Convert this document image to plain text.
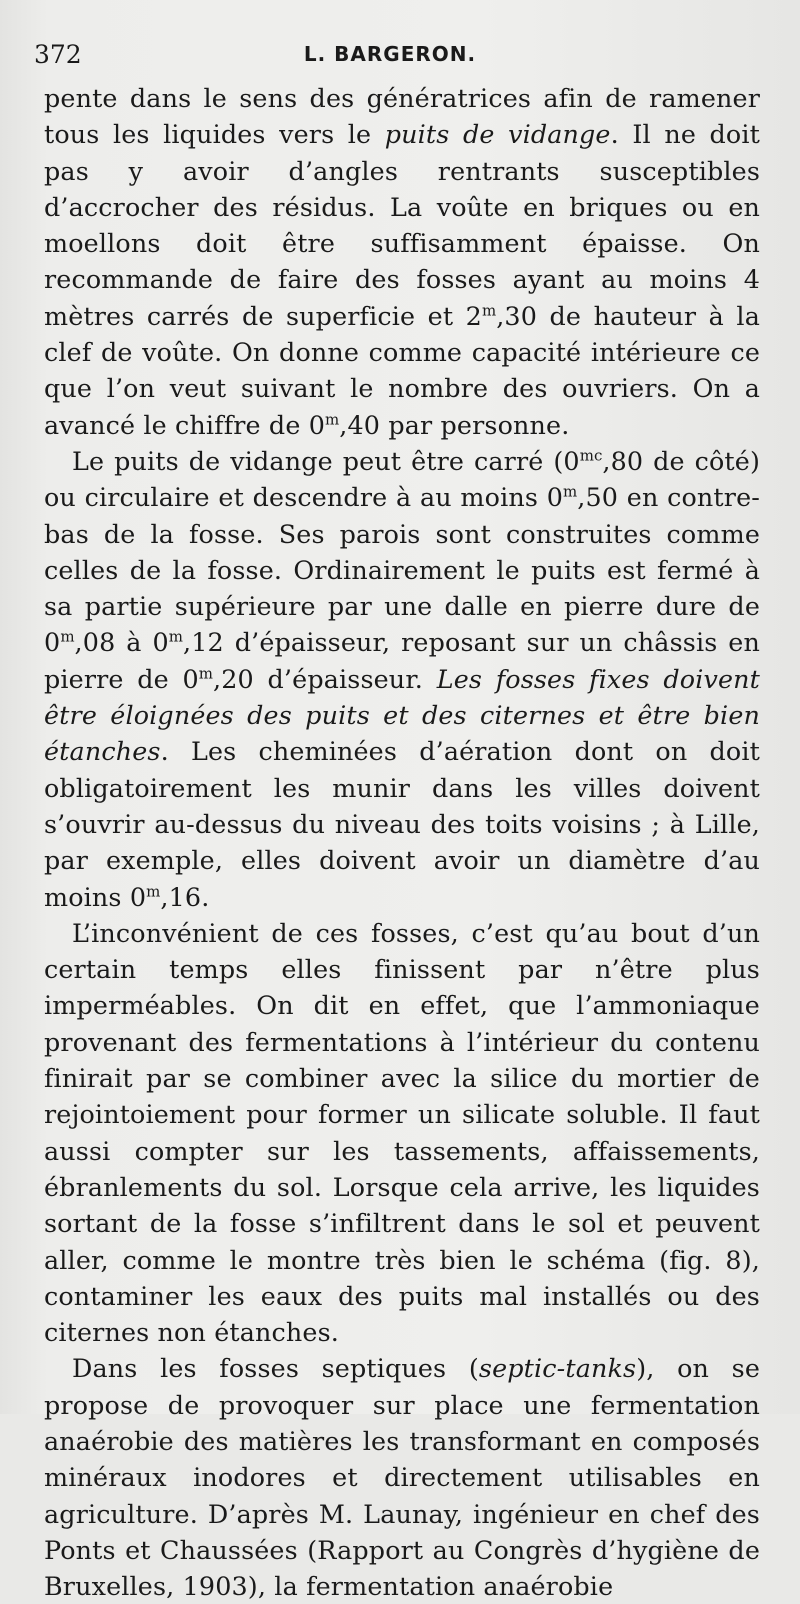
372	L. BARGERON.

pente dans le sens des génératrices afin de ramener tous les liquides vers le puits de vidange. Il ne doit pas y avoir d’angles rentrants susceptibles d’accrocher des résidus. La voûte en briques ou en moellons doit être suffisamment épaisse. On recommande de faire des fosses ayant au moins 4 mètres carrés de superficie et 2$^m$,30 de hauteur à la clef de voûte. On donne comme capacité intérieure ce que l’on veut suivant le nombre des ouvriers. On a avancé le chiffre de 0$^m$,40 par personne.

Le puits de vidange peut être carré ($0^{mc},80$ de côté) ou circulaire et descendre à au moins 0$^m$,50 en contre-bas de la fosse. Ses parois sont construites comme celles de la fosse. Ordinairement le puits est fermé à sa partie supérieure par une dalle en pierre dure de 0$^m$,08 à 0$^m$,12 d’épaisseur, reposant sur un châssis en pierre de 0$^m$,20 d’épaisseur. Les fosses fixes doivent être éloignées des puits et des citernes et être bien étanches. Les cheminées d’aération dont on doit obligatoirement les munir dans les villes doivent s’ouvrir au-dessus du niveau des toits voisins ; à Lille, par exemple, elles doivent avoir un diamètre d’au moins 0$^m$,16.

L’inconvénient de ces fosses, c’est qu’au bout d’un certain temps elles finissent par n’être plus imperméables. On dit en effet, que l’ammoniaque provenant des fermentations à l’intérieur du contenu finirait par se combiner avec la silice du mortier de rejointoiement pour former un silicate soluble. Il faut aussi compter sur les tassements, affaissements, ébranlements du sol. Lorsque cela arrive, les liquides sortant de la fosse s’infiltrent dans le sol et peuvent aller, comme le montre très bien le schéma (fig. 8), contaminer les eaux des puits mal installés ou des citernes non étanches.

Dans les fosses septiques (septic-tanks), on se propose de provoquer sur place une fermentation anaérobie des matières les transformant en composés minéraux inodores et directement utilisables en agriculture. D’après M. Launay, ingénieur en chef des Ponts et Chaussées (Rapport au Congrès d’hygiène de Bruxelles, 1903), la fermentation anaérobie
